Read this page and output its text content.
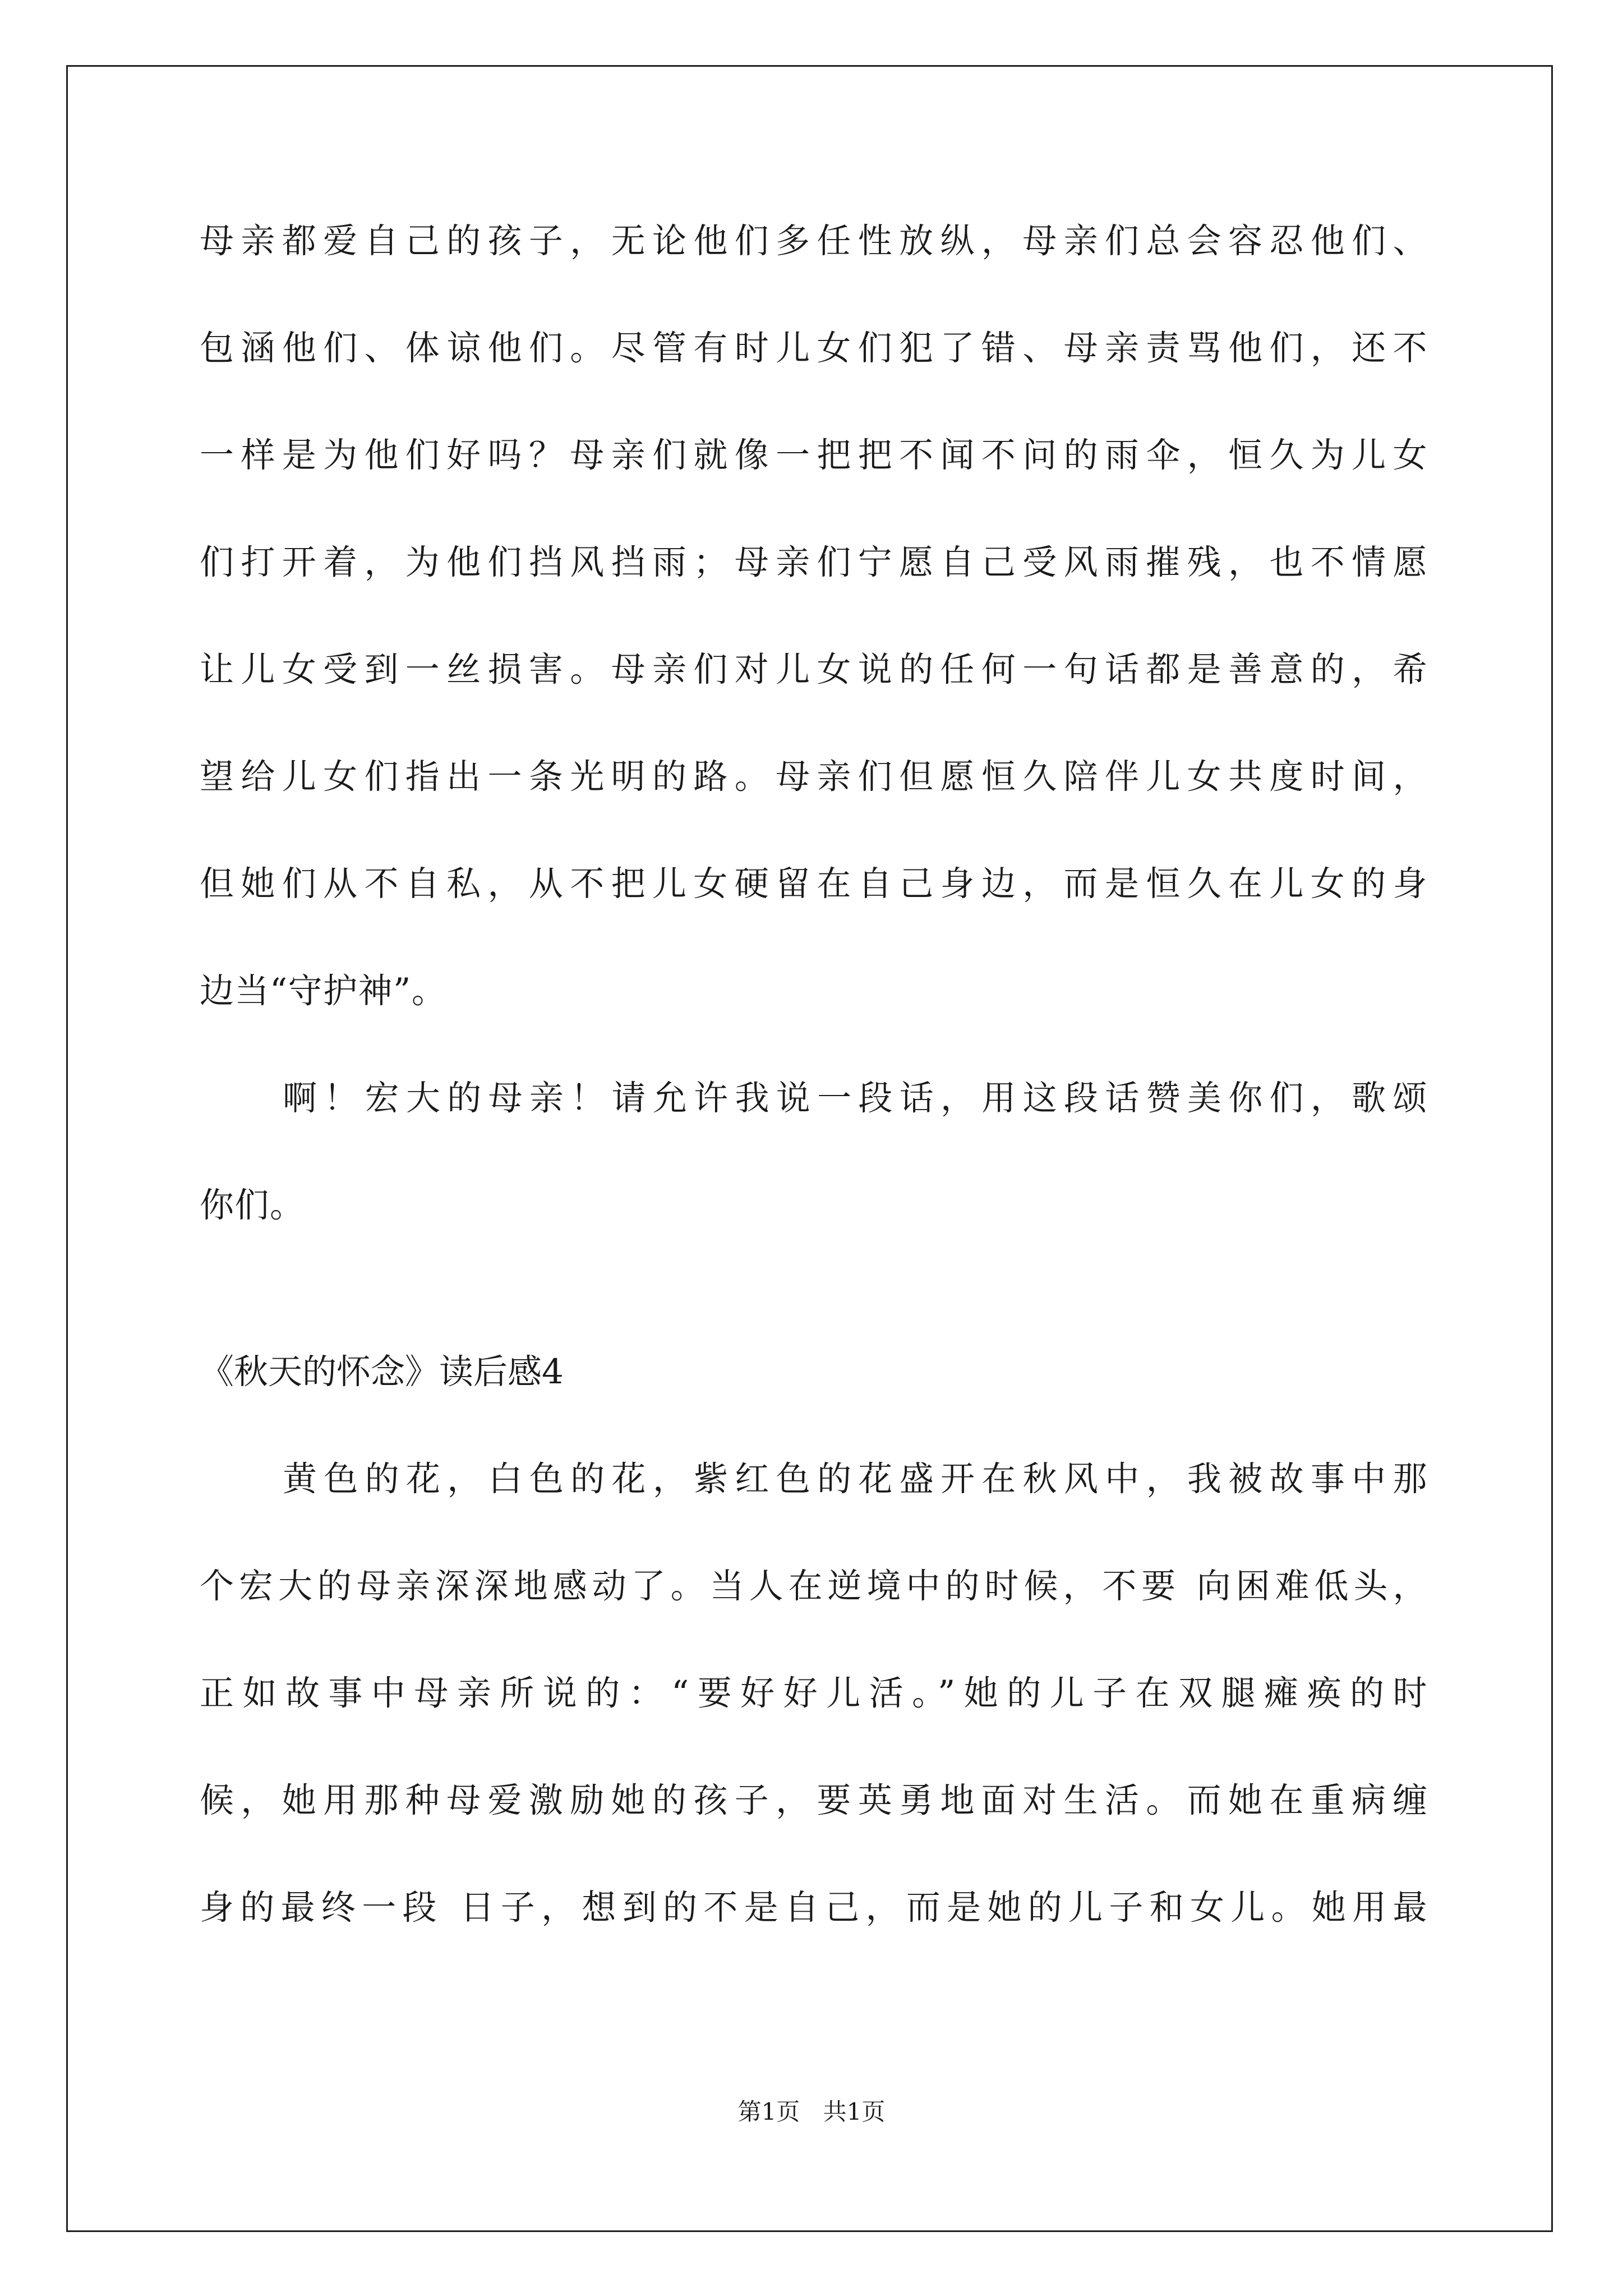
母亲都爱自己的孩子，无论他们多任性放纵，母亲们总会容忍他们、
包涵他们、体谅他们。尽管有时儿女们犯了错、母亲责骂他们，还不
一样是为他们好吗？母亲们就像一把把不闻不问的雨伞，恒久为儿女
们打开着，为他们挡风挡雨；母亲们宁愿自己受风雨摧残，也不情愿
让儿女受到一丝损害。母亲们对儿女说的任何一句话都是善意的，希
望给儿女们指出一条光明的路。母亲们但愿恒久陪伴儿女共度时间，
但她们从不自私，从不把儿女硬留在自己身边，而是恒久在儿女的身
边当“守护神”。
啊！宏大的母亲！请允许我说一段话，用这段话赞美你们，歌颂
你们。
《秋天的怀念》读后感4
黄色的花，白色的花，紫红色的花盛开在秋风中，我被故事中那
个宏大的母亲深深地感动了。当人在逆境中的时候，不要 向困难低头，
正如故事中母亲所说的：“要好好儿活。”她的儿子在双腿瘫痪的时
候，她用那种母爱激励她的孩子，要英勇地面对生活。而她在重病缠
身的最终一段 日子，想到的不是自己，而是她的儿子和女儿。她用最
第1页 共1页
